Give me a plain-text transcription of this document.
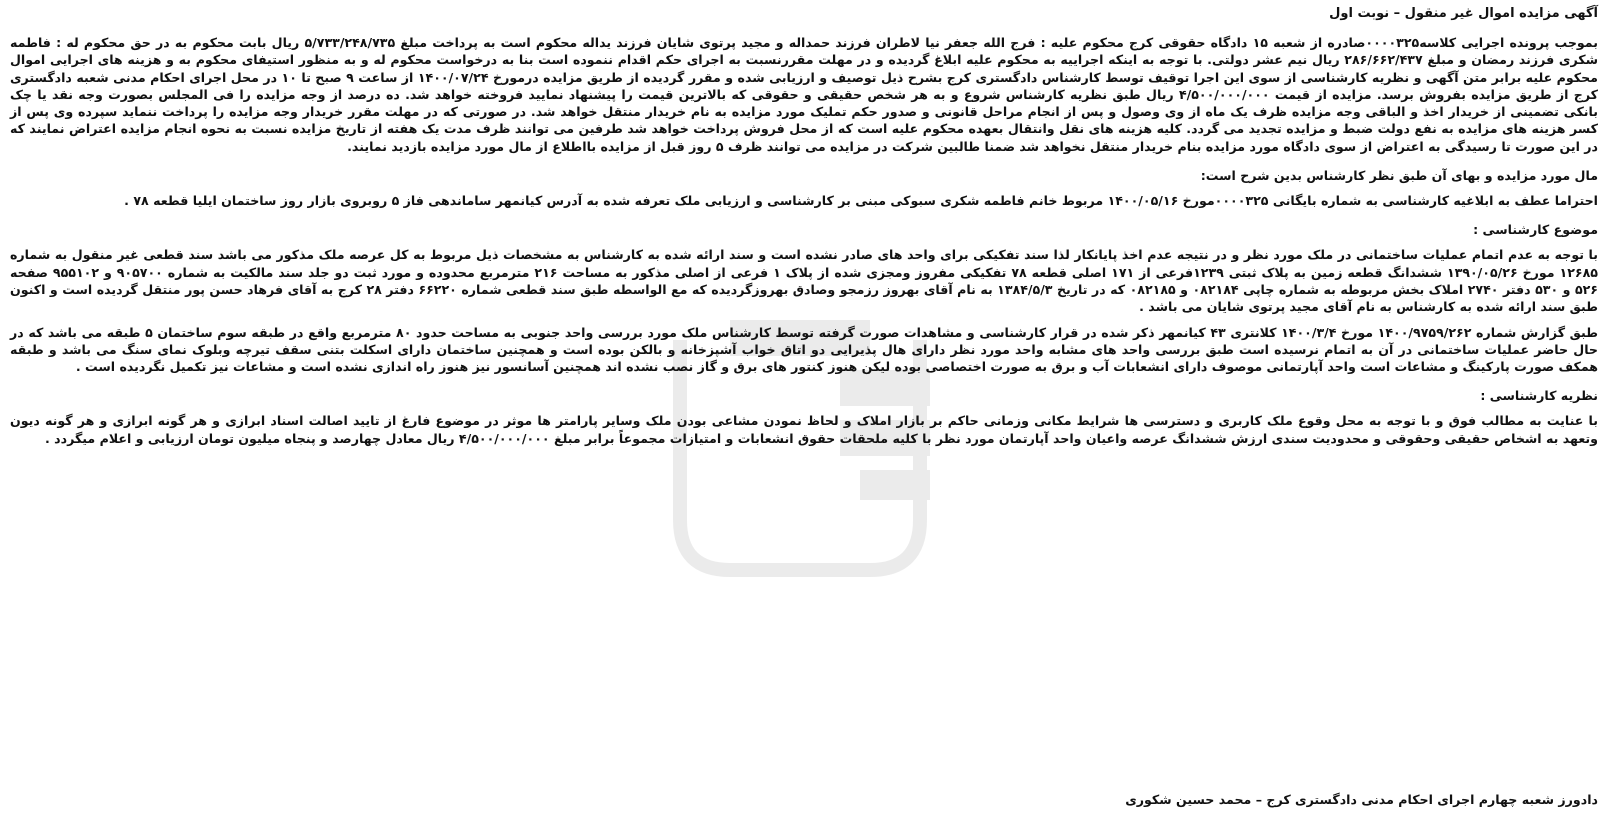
آگهی مزایده اموال غیر منقول – نوبت اول

بموجب پرونده اجرایی کلاسه۰۰۰۰۳۲۵صادره از شعبه ۱۵ دادگاه حقوقی کرج محکوم علیه : فرج الله جعفر نیا لاطران فرزند حمداله و مجید پرتوی شایان فرزند یداله محکوم است به پرداخت مبلغ ۵/۷۳۳/۲۴۸/۷۳۵ ریال بابت محکوم به در حق محکوم له : فاطمه شکری فرزند رمضان و مبلغ ۲۸۶/۶۶۲/۴۳۷ ریال نیم عشر دولتی. با توجه به اینکه اجراییه به محکوم علیه ابلاغ گردیده و در مهلت مقررنسبت به اجرای حکم اقدام ننموده است بنا به درخواست محکوم له و به منظور استیفای محکوم به و هزینه های اجرایی اموال محکوم علیه برابر متن آگهی و نظریه کارشناسی از سوی این اجرا توقیف توسط کارشناس دادگستری کرج بشرح ذیل توصیف و ارزیابی شده و مقرر گردیده از طریق مزایده درمورخ ۱۴۰۰/۰۷/۲۴ از ساعت ۹ صبح تا ۱۰ در محل اجرای احکام مدنی شعبه دادگستری کرج از طریق مزایده بفروش برسد. مزایده از قیمت ۴/۵۰۰/۰۰۰/۰۰۰ ریال طبق نظریه کارشناس شروع و به هر شخص حقیقی و حقوقی که بالاترین قیمت را پیشنهاد نمایید فروخته خواهد شد. ده درصد از وجه مزایده را فی المجلس بصورت وجه نقد یا چک بانکی تضمینی از خریدار اخذ و الباقی وجه مزایده ظرف یک ماه از وی وصول و پس از انجام مراحل قانونی و صدور حکم تملیک مورد مزایده به نام خریدار منتقل خواهد شد. در صورتی که در مهلت مقرر خریدار وجه مزایده را پرداخت ننماید سپرده وی پس از کسر هزینه های مزایده به نفع دولت ضبط و مزایده تجدید می گردد. کلیه هزینه های نقل وانتقال بعهده محکوم علیه است که از محل فروش پرداخت خواهد شد طرفین می توانند ظرف مدت یک هفته از تاریخ مزایده نسبت به نحوه انجام مزایده اعتراض نمایند که در این صورت تا رسیدگی به اعتراض از سوی دادگاه مورد مزایده بنام خریدار منتقل نخواهد شد ضمنا طالبین شرکت در مزایده می توانند ظرف ۵ روز قبل از مزایده بااطلاع از مال مورد مزایده بازدید نمایند.

مال مورد مزایده و بهای آن طبق نظر کارشناس بدین شرح است:

احتراما عطف به ابلاغیه کارشناسی به شماره بایگانی ۰۰۰۰۳۲۵مورخ ۱۴۰۰/۰۵/۱۶ مربوط خانم فاطمه شکری سبوکی مبنی بر کارشناسی و ارزیابی ملک تعرفه شده به آدرس کیانمهر ساماندهی فاز ۵ روبروی بازار روز ساختمان ایلیا قطعه ۷۸ .

موضوع کارشناسی :

با توجه به عدم اتمام عملیات ساختمانی در ملک مورد نظر و در نتیجه عدم اخذ پایانکار لذا سند تفکیکی برای واحد های صادر نشده است و سند ارائه شده به کارشناس به مشخصات ذیل مربوط به کل عرصه ملک مذکور می باشد سند قطعی غیر منقول به شماره ۱۲۶۸۵ مورخ ۱۳۹۰/۰۵/۲۶ ششدانگ قطعه زمین به پلاک ثبتی ۱۲۳۹فرعی از ۱۷۱ اصلی قطعه ۷۸ تفکیکی مفروز ومجزی شده از پلاک ۱ فرعی از اصلی مذکور به مساحت ۲۱۶ مترمربع محدوده و مورد ثبت دو جلد سند مالکیت به شماره ۹۰۵۷۰۰ و ۹۵۵۱۰۲ صفحه ۵۲۶ و ۵۳۰ دفتر ۲۷۴۰ املاک بخش مربوطه به شماره چاپی ۰۸۲۱۸۴ و ۰۸۲۱۸۵ که در تاریخ ۱۳۸۴/۵/۳ به نام آقای بهروز رزمجو وصادق بهروزگردیده که مع الواسطه طبق سند قطعی شماره ۶۶۲۲۰ دفتر ۲۸ کرج به آقای فرهاد حسن پور منتقل گردیده است و اکنون طبق سند ارائه شده به کارشناس به نام آقای مجید پرتوی شایان می باشد .

طبق گزارش شماره ۱۴۰۰/۹۷۵۹/۲۶۲ مورخ ۱۴۰۰/۳/۴ کلانتری ۴۳ کیانمهر ذکر شده در قرار کارشناسی و مشاهدات صورت گرفته توسط کارشناس ملک مورد بررسی واحد جنوبی به مساحت حدود ۸۰ مترمربع واقع در طبقه سوم ساختمان ۵ طبقه می باشد که در حال حاضر عملیات ساختمانی در آن به اتمام نرسیده است طبق بررسی واحد های مشابه واحد مورد نظر دارای هال پذیرایی دو اتاق خواب آشپزخانه و بالکن بوده است و همچنین ساختمان دارای اسکلت بتنی سقف تیرچه وبلوک نمای سنگ می باشد و طبقه همکف صورت پارکینگ و مشاعات است واحد آپارتمانی موصوف دارای انشعابات آب و برق به صورت اختصاصی بوده لیکن هنوز کنتور های برق و گاز نصب نشده اند همچنین آسانسور نیز هنوز راه اندازی نشده است و مشاعات نیز تکمیل نگردیده است .

نظریه کارشناسی :

با عنایت به مطالب فوق و با توجه به محل وقوع ملک کاربری و دسترسی ها شرایط مکانی وزمانی حاکم بر بازار املاک و لحاظ نمودن مشاعی بودن ملک وسایر پارامتر ها موثر در موضوع فارغ از تایید اصالت اسناد ابرازی و هر گونه ابرازی و هر گونه دیون وتعهد به اشخاص حقیقی وحقوقی و محدودیت سندی ارزش ششدانگ عرصه واعیان واحد آپارتمان مورد نظر با کلیه ملحقات حقوق انشعابات و امتیازات مجموعاً برابر مبلغ ۴/۵۰۰/۰۰۰/۰۰۰ ریال معادل چهارصد و پنجاه میلیون تومان ارزیابی و اعلام میگردد .

دادورز شعبه چهارم اجرای احکام مدنی دادگستری کرج – محمد حسین شکوری
